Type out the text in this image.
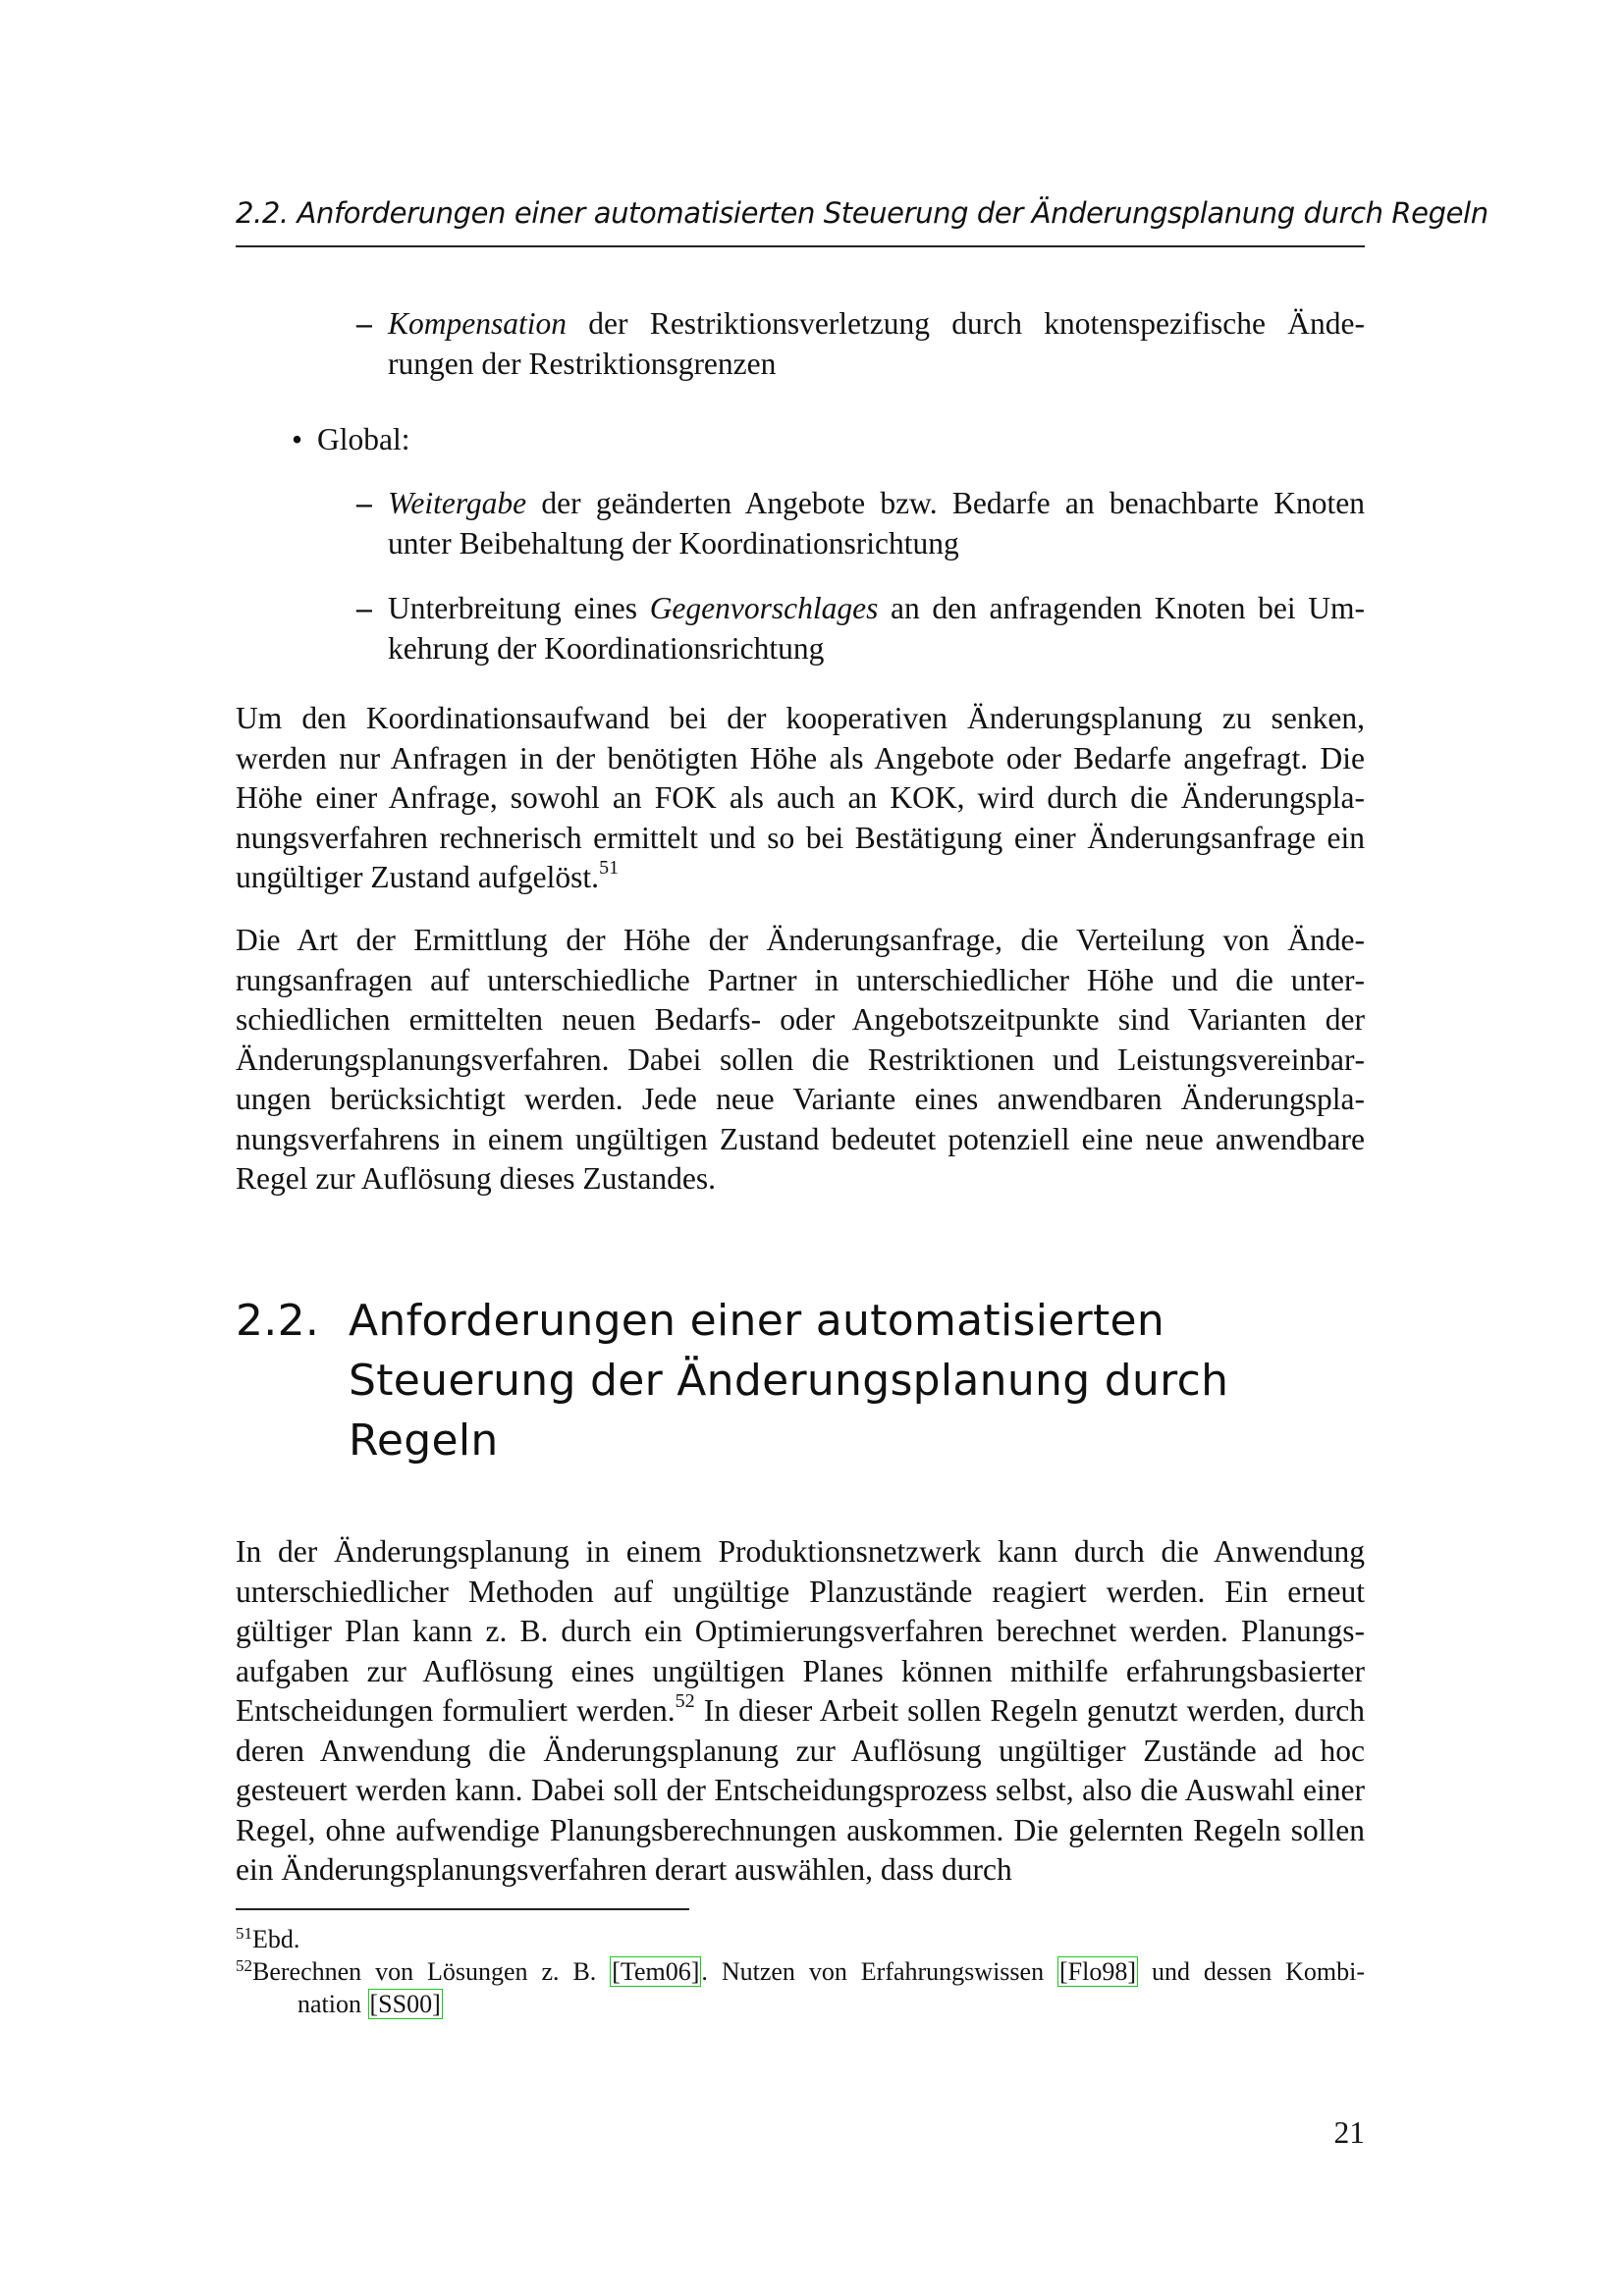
2.2. Anforderungen einer automatisierten Steuerung der Änderungsplanung durch Regeln
– Kompensation der Restriktionsverletzung durch knotenspezifische Ände-
rungen der Restriktionsgrenzen
• Global:
– Weitergabe der geänderten Angebote bzw. Bedarfe an benachbarte Knoten
unter Beibehaltung der Koordinationsrichtung
– Unterbreitung eines Gegenvorschlages an den anfragenden Knoten bei Um-
kehrung der Koordinationsrichtung
Um den Koordinationsaufwand bei der kooperativen Änderungsplanung zu senken, werden nur Anfragen in der benötigten Höhe als Angebote oder Bedarfe angefragt. Die Höhe einer Anfrage, sowohl an FOK als auch an KOK, wird durch die Änderungsplanungsverfahren rechnerisch ermittelt und so bei Bestätigung einer Änderungsanfrage ein ungültiger Zustand aufgelöst.$^{51}$
Die Art der Ermittlung der Höhe der Änderungsanfrage, die Verteilung von Änderungsanfragen auf unterschiedliche Partner in unterschiedlicher Höhe und die unterschiedlichen ermittelten neuen Bedarfs- oder Angebotszeitpunkte sind Varianten der Änderungsplanungsverfahren. Dabei sollen die Restriktionen und Leistungsvereinbarungen berücksichtigt werden. Jede neue Variante eines anwendbaren Änderungsplanungsverfahrens in einem ungültigen Zustand bedeutet potenziell eine neue anwendbare Regel zur Auflösung dieses Zustandes.
2.2. Anforderungen einer automatisierten
Steuerung der Änderungsplanung durch
Regeln
In der Änderungsplanung in einem Produktionsnetzwerk kann durch die Anwendung unterschiedlicher Methoden auf ungültige Planzustände reagiert werden. Ein erneut gültiger Plan kann z. B. durch ein Optimierungsverfahren berechnet werden. Planungsaufgaben zur Auflösung eines ungültigen Planes können mithilfe erfahrungsbasierter Entscheidungen formuliert werden.$^{52}$ In dieser Arbeit sollen Regeln genutzt werden, durch deren Anwendung die Änderungsplanung zur Auflösung ungültiger Zustände ad hoc gesteuert werden kann. Dabei soll der Entscheidungsprozess selbst, also die Auswahl einer Regel, ohne aufwendige Planungsberechnungen auskommen. Die gelernten Regeln sollen ein Änderungsplanungsverfahren derart auswählen, dass durch
$^{51}$Ebd.
$^{52}$Berechnen von Lösungen z. B. [Tem06]. Nutzen von Erfahrungswissen [Flo98] und dessen Kombi-
nation [SS00]
21
